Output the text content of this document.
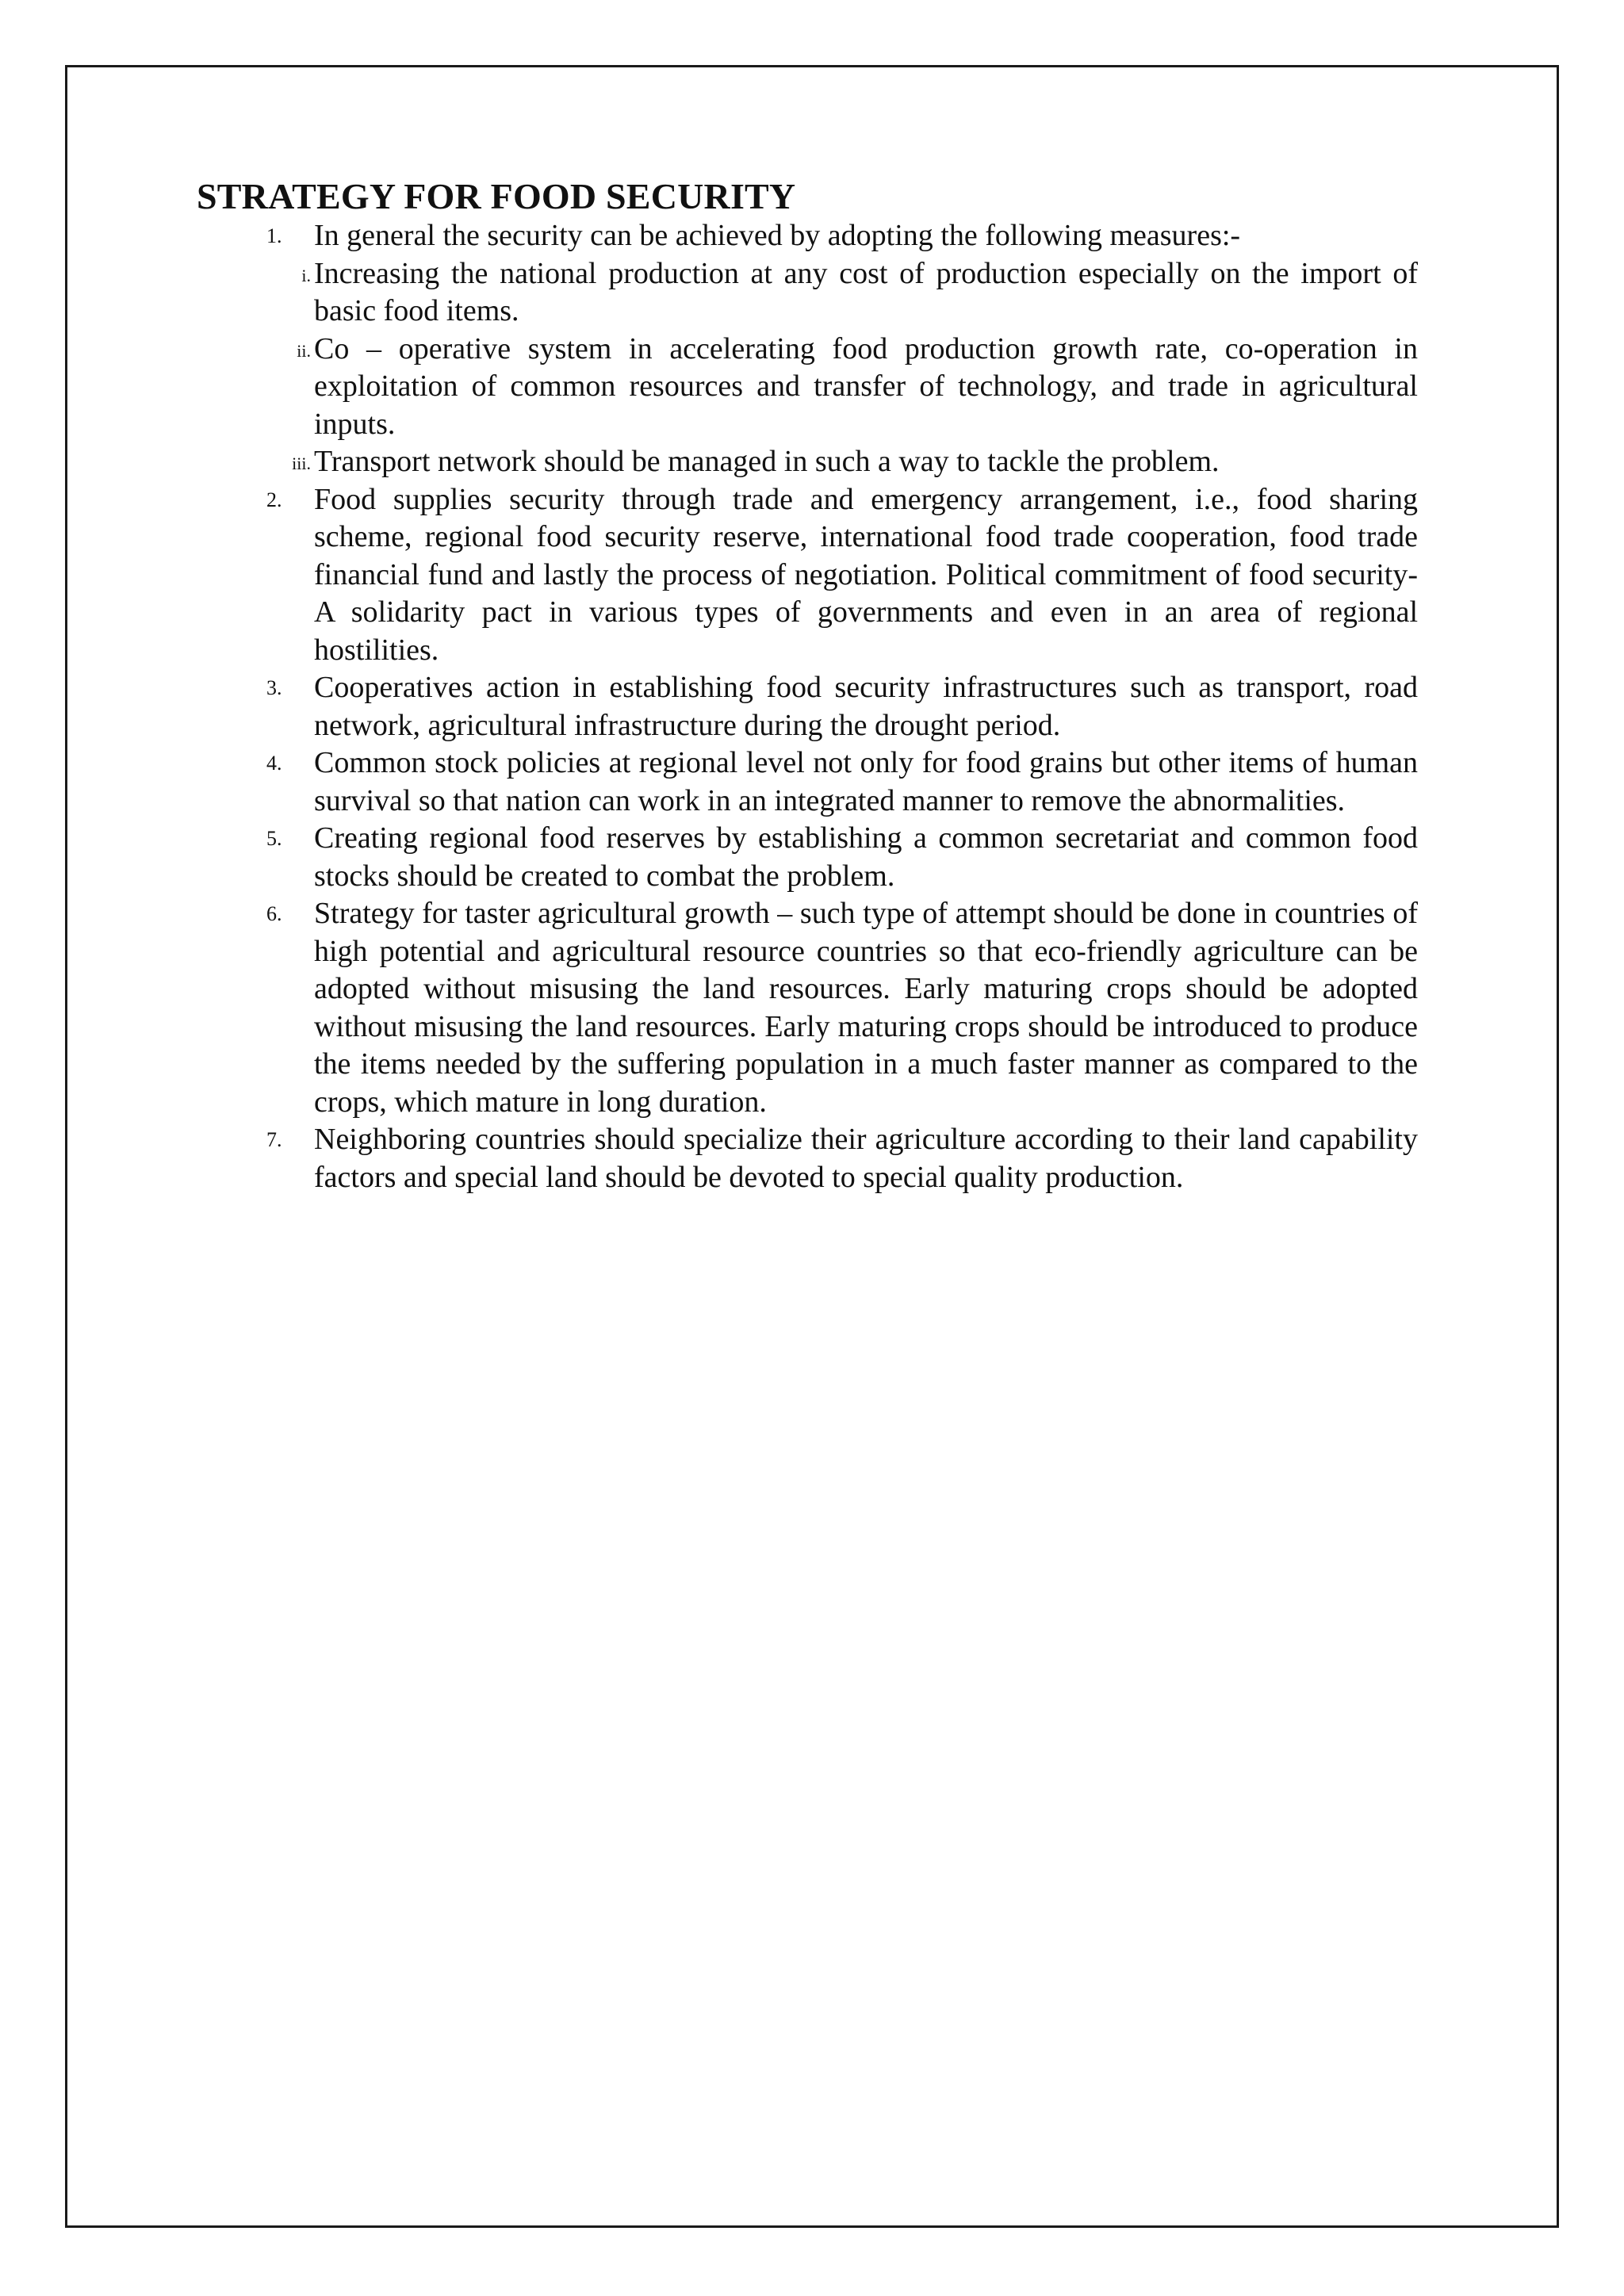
STRATEGY FOR FOOD SECURITY
1. In general the security can be achieved by adopting the following measures:-
i. Increasing the national production at any cost of production especially on the import of basic food items.
ii. Co – operative system in accelerating food production growth rate, co-operation in exploitation of common resources and transfer of technology, and trade in agricultural inputs.
iii. Transport network should be managed in such a way to tackle the problem.
2. Food supplies security through trade and emergency arrangement, i.e., food sharing scheme, regional food security reserve, international food trade cooperation, food trade financial fund and lastly the process of negotiation. Political commitment of food security- A solidarity pact in various types of governments and even in an area of regional hostilities.
3. Cooperatives action in establishing food security infrastructures such as transport, road network, agricultural infrastructure during the drought period.
4. Common stock policies at regional level not only for food grains but other items of human survival so that nation can work in an integrated manner to remove the abnormalities.
5. Creating regional food reserves by establishing a common secretariat and common food stocks should be created to combat the problem.
6. Strategy for taster agricultural growth – such type of attempt should be done in countries of high potential and agricultural resource countries so that eco-friendly agriculture can be adopted without misusing the land resources. Early maturing crops should be adopted without misusing the land resources. Early maturing crops should be introduced to produce the items needed by the suffering population in a much faster manner as compared to the crops, which mature in long duration.
7. Neighboring countries should specialize their agriculture according to their land capability factors and special land should be devoted to special quality production.
